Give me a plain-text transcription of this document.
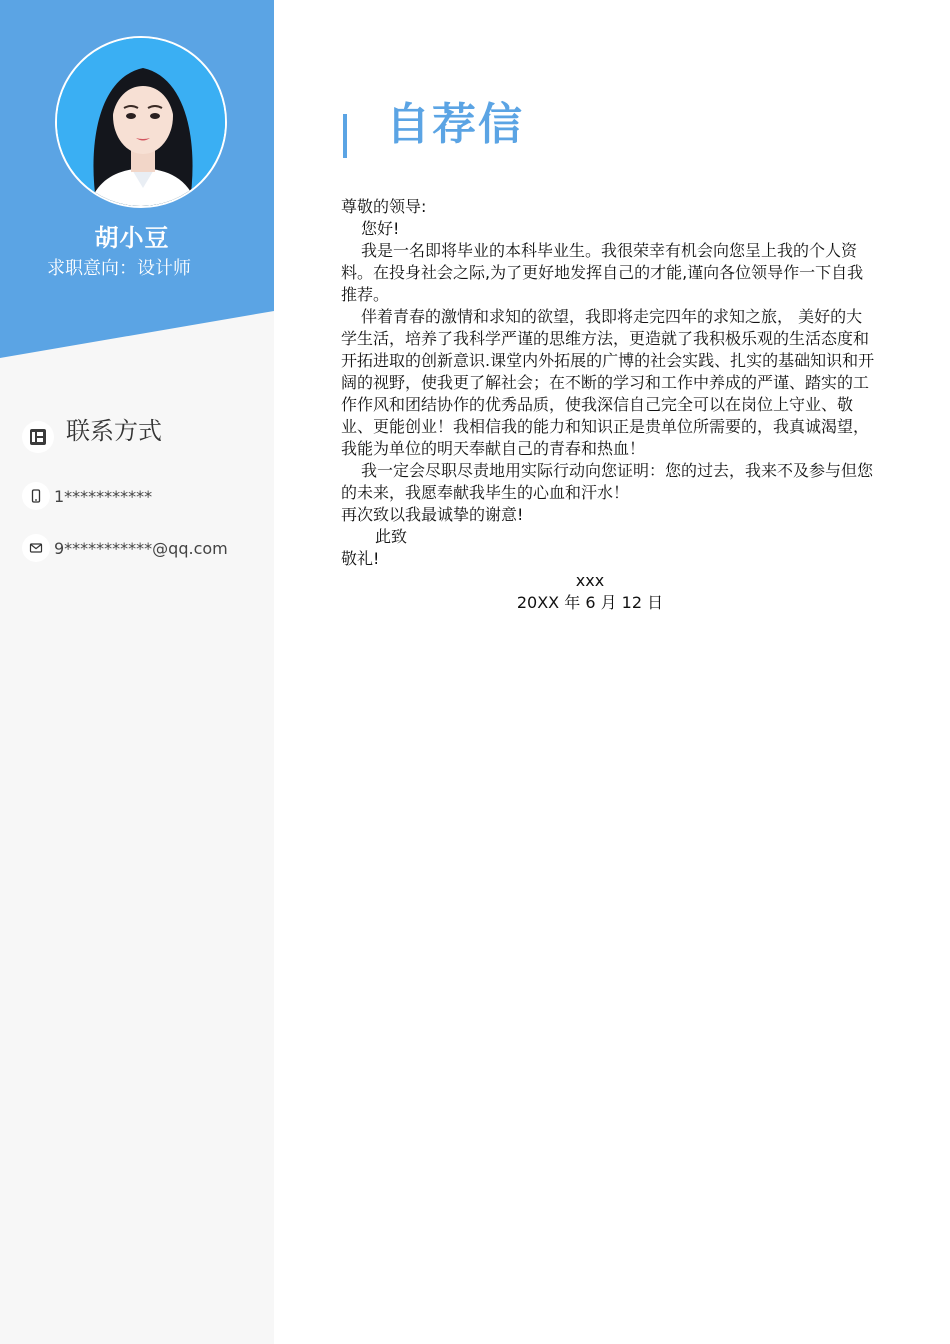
胡小豆
求职意向：设计师
联系方式
1***********
9***********@qq.com
自荐信

尊敬的领导:

您好!

我是一名即将毕业的本科毕业生。我很荣幸有机会向您呈上我的个人资料。在投身社会之际,为了更好地发挥自己的才能,谨向各位领导作一下自我推荐。

伴着青春的激情和求知的欲望，我即将走完四年的求知之旅， 美好的大学生活，培养了我科学严谨的思维方法，更造就了我积极乐观的生活态度和开拓进取的创新意识.课堂内外拓展的广博的社会实践、扎实的基础知识和开阔的视野，使我更了解社会；在不断的学习和工作中养成的严谨、踏实的工作作风和团结协作的优秀品质，使我深信自己完全可以在岗位上守业、敬业、更能创业！我相信我的能力和知识正是贵单位所需要的，我真诚渴望，我能为单位的明天奉献自己的青春和热血！

我一定会尽职尽责地用实际行动向您证明：您的过去，我来不及参与但您的未来，我愿奉献我毕生的心血和汗水！

再次致以我最诚挚的谢意!

此致

敬礼!

xxx

20XX 年 6 月 12 日
